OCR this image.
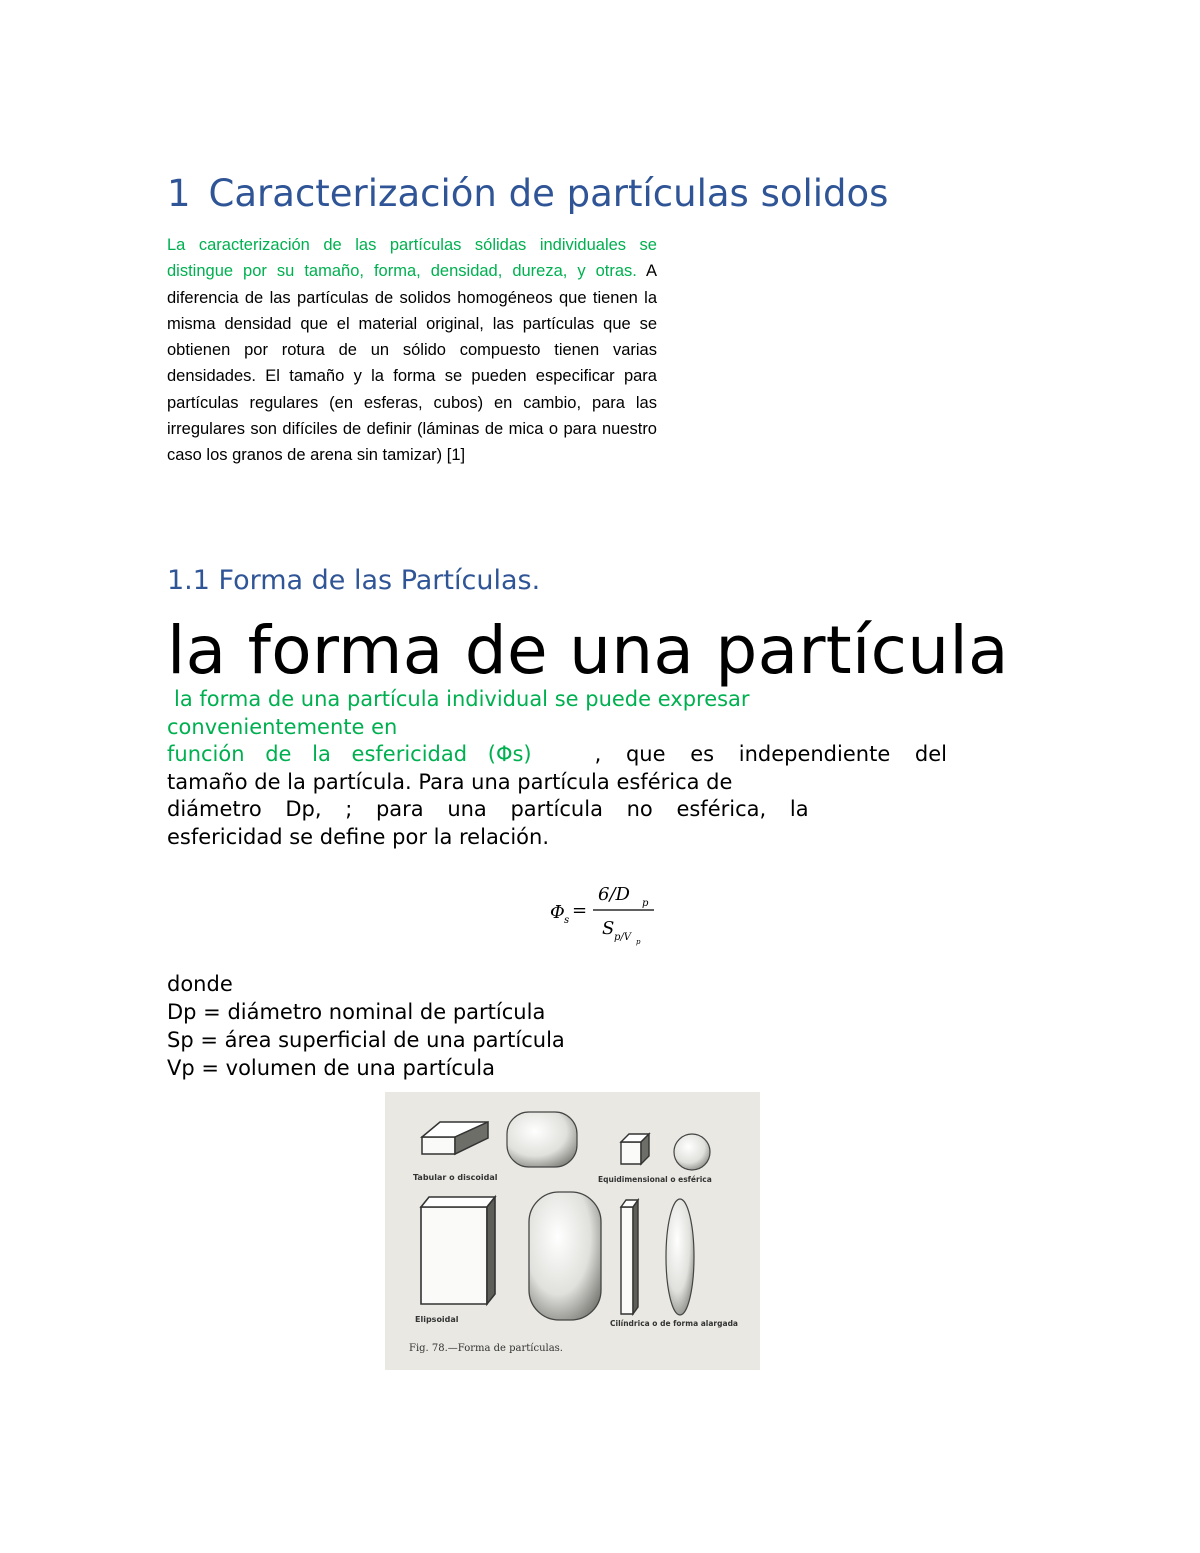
1 Caracterización de partículas solidos

La caracterización de las partículas sólidas individuales se distingue por su tamaño, forma, densidad, dureza, y otras. A diferencia de las partículas de solidos homogéneos que tienen la misma densidad que el material original, las partículas que se obtienen por rotura de un sólido compuesto tienen varias densidades. El tamaño y la forma se pueden especificar para partículas regulares (en esferas, cubos) en cambio, para las irregulares son difíciles de definir (láminas de mica o para nuestro caso los granos de arena sin tamizar) [1]

1.1 Forma de las Partículas.
la forma de una partícula
la forma de una partícula individual se puede expresar
convenientemente en
función de la esfericidad (Φs)	, que es independiente del
tamaño de la partícula. Para una partícula esférica de
diámetro Dp, ; para una partícula no esférica, la
esfericidad se define por la relación.
Φ s =
6/D p
S p/V p
donde
Dp = diámetro nominal de partícula
Sp = área superficial de una partícula
Vp = volumen de una partícula
Tabular o discoidal	Equidimensional o esférica
Elipsoidal	Cilíndrica o de forma alargada
Fig. 78.—Forma de partículas.
